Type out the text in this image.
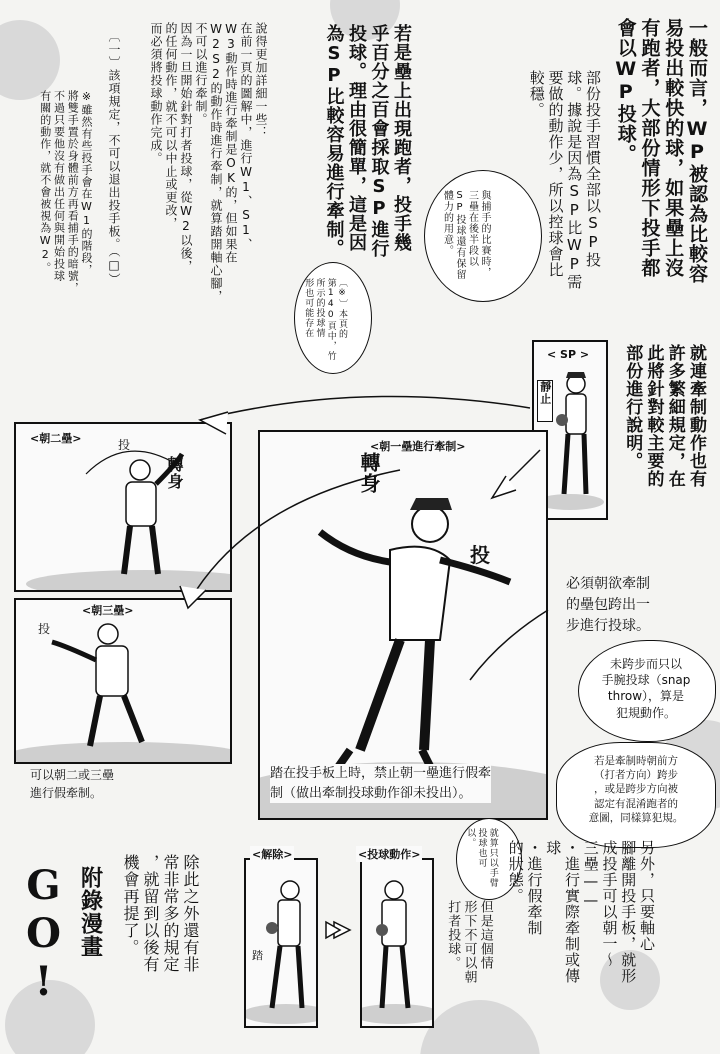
一般而言，WP被認為比較容
易投出較快的球，如果壘上沒
有跑者，大部份情形下投手都
會以WP投球。
部份投手習慣全部以SP投
球。據說是因為SP比WP需
要做的動作少，所以控球會比
較穩。
若是壘上出現跑者，投手幾
乎百分之百會採取SP進行
投球。理由很簡單，這是因
為SP比較容易進行牽制。
說得更加詳細一些：
在前一頁的圖解中，進行W1、S1、
W3動作時進行牽制是OK的，但如果在
W2S2的動作時進行牽制，就算踏開軸心腳，
不可以進行牽制。
因為一旦開始針對打者投球，從W2以後，
的任何動作，就不可以中止或更改，
而必須將投球動作完成。
〔一〕該項規定，不可以退出投手板。（□）
※雖然有些投手會在W1的階段，
將雙手置於身體前方再看捕手的暗號，
不過只要他沒有做出任何與開始投球
有關的動作，就不會被視為W2。	與捕手的比賽時，
三壘在後半段以
SP投球還有保留
體力的用意。
〔※〕本頁的
第140頁中，竹
所示的投球情
形也可能存在
< SP >
靜止	就連牽制動作也有
許多繁細規定，在
此將針對較主要的
部份進行說明。
<朝二壘>	投
轉身
<朝三壘>
投
可以朝二或三壘
進行假牽制。
<朝一壘進行牽制>
轉身
投
踏在投手板上時，禁止朝一壘進行假牽
制（做出牽制投球動作卻未投出）。
必須朝欲牽制
的壘包跨出一
步進行投球。
未跨步而只以
手腕投球（snap
throw），算是
犯規動作。
若是牽制時朝前方
（打者方向）跨步
，或是跨步方向被
認定有混淆跑者的
意圖，同樣算犯規。
<解除>
踏
<投球動作>	就算只以手臂
投球也可
以。
GO! 附錄漫畫	除此之外還有非
常非常多的規定
，就留到以後有
機會再提了。	但是這個情
形下不可以朝
打者投球。	另外，只要軸心
腳離開投手板，就形
成投手可以朝一～
三壘——
・進行實際牽制或傳
球
・進行假牽制
的狀態。
